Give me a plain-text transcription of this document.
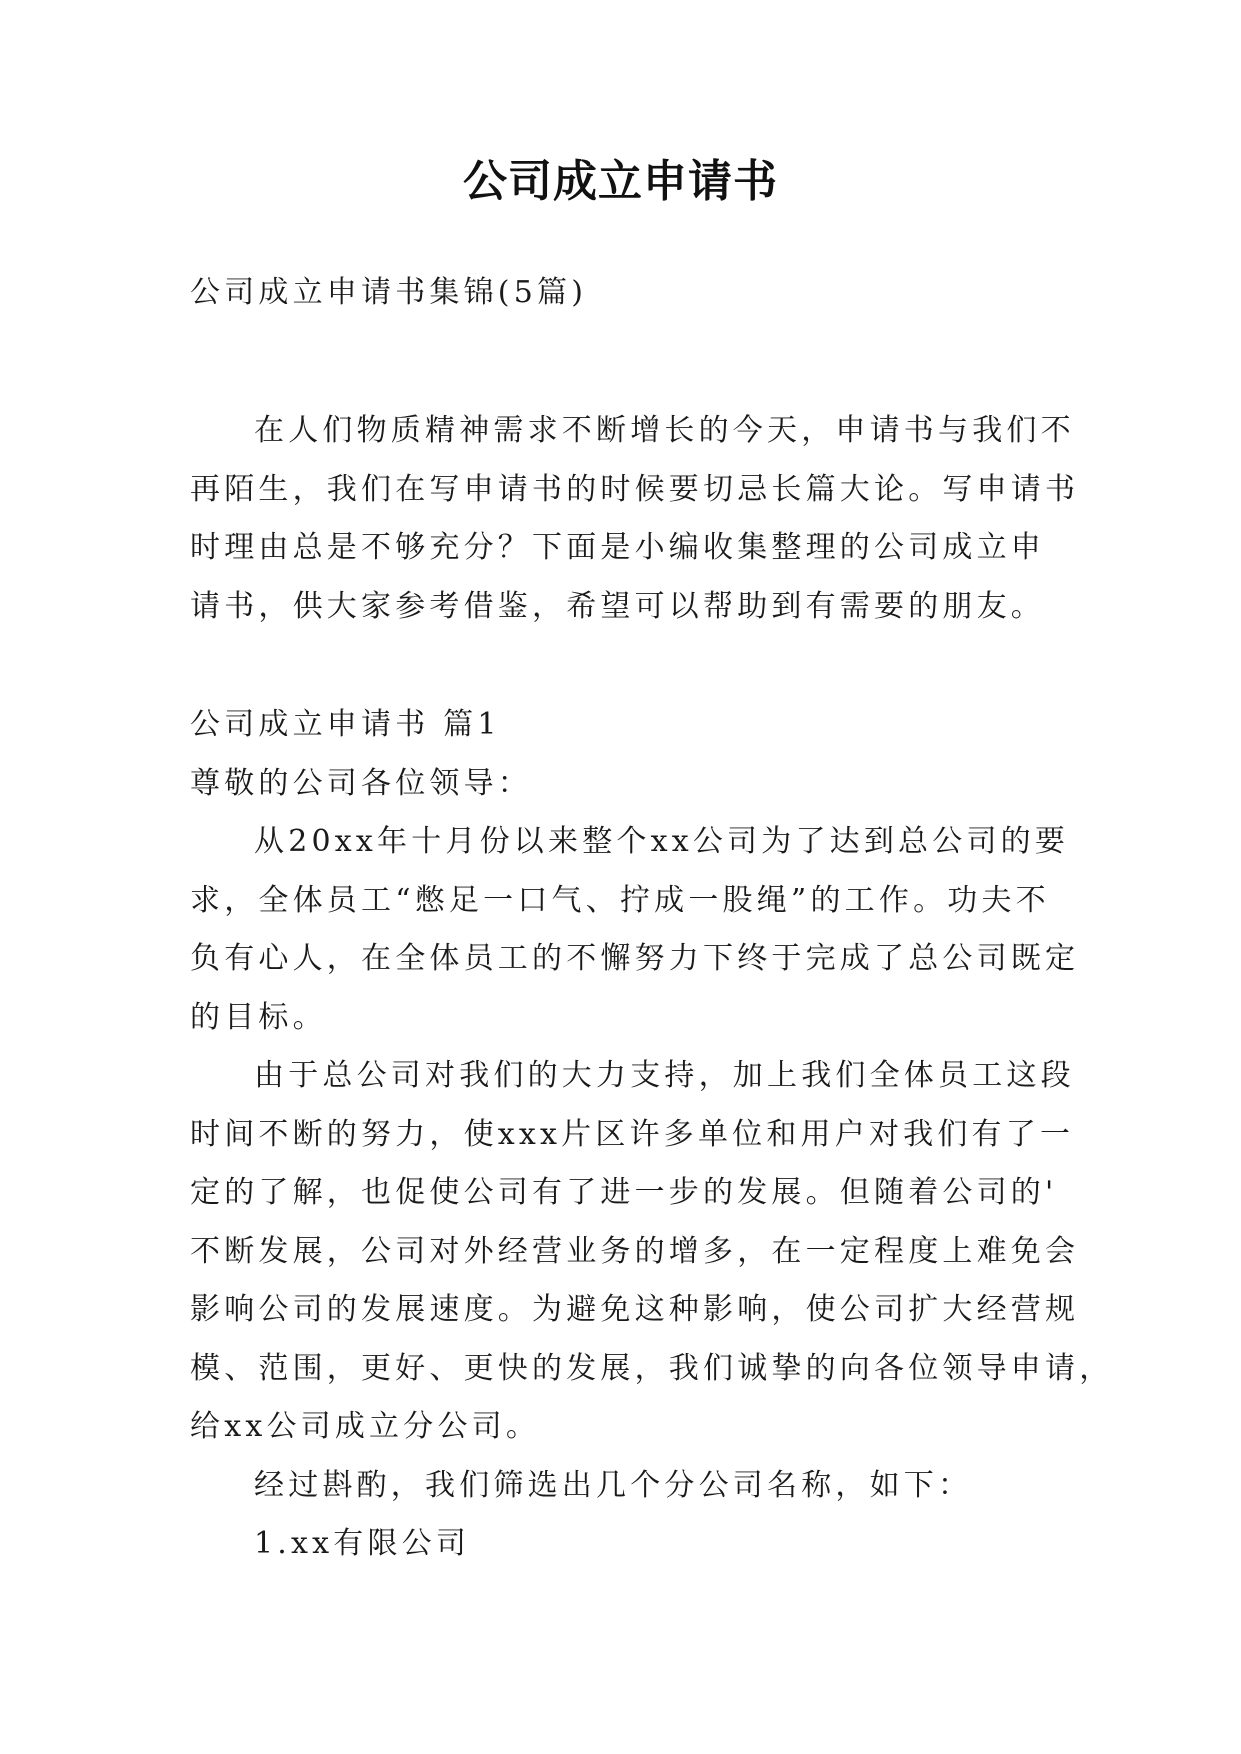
公司成立申请书
公司成立申请书集锦(5篇)
在人们物质精神需求不断增长的今天，申请书与我们不
再陌生，我们在写申请书的时候要切忌长篇大论。写申请书
时理由总是不够充分？下面是小编收集整理的公司成立申
请书，供大家参考借鉴，希望可以帮助到有需要的朋友。
公司成立申请书 篇1
尊敬的公司各位领导：
从20xx年十月份以来整个xx公司为了达到总公司的要
求，全体员工“憋足一口气、拧成一股绳”的工作。功夫不
负有心人，在全体员工的不懈努力下终于完成了总公司既定
的目标。
由于总公司对我们的大力支持，加上我们全体员工这段
时间不断的努力，使xxx片区许多单位和用户对我们有了一
定的了解，也促使公司有了进一步的发展。但随着公司的'
不断发展，公司对外经营业务的增多，在一定程度上难免会
影响公司的发展速度。为避免这种影响，使公司扩大经营规
模、范围，更好、更快的发展，我们诚挚的向各位领导申请，
给xx公司成立分公司。
经过斟酌，我们筛选出几个分公司名称，如下：
1.xx有限公司
